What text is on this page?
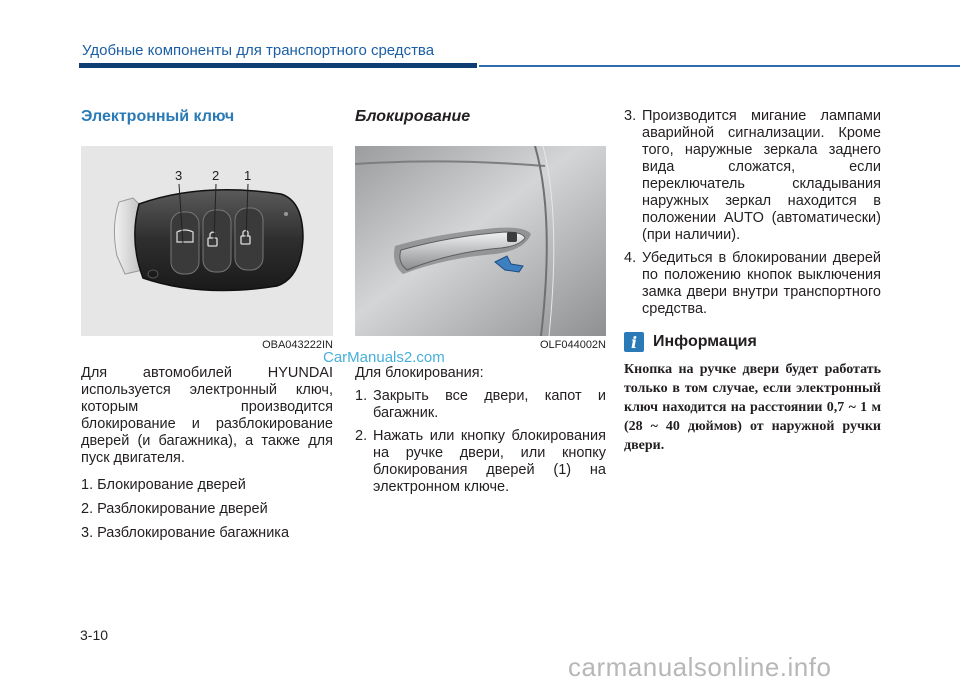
Удобные компоненты для транспортного средства
Электронный ключ
3 2 1
OBA043222IN

Для автомобилей HYUNDAI используется электронный ключ, которым производится блокирование и разблокирование дверей (и багажника), а также для пуск двигателя.

1. Блокирование дверей
2. Разблокирование дверей
3. Разблокирование багажника
Блокирование
OLF044002N

Для блокирования:

1. Закрыть все двери, капот и багажник.
2. Нажать или кнопку блокирования на ручке двери, или кнопку блокирования дверей (1) на электронном ключе.
3. Производится мигание лампами аварийной сигнализации. Кроме того, наружные зеркала заднего вида сложатся, если переключатель складывания наружных зеркал находится в положении AUTO (автоматически) (при наличии).
4. Убедиться в блокировании дверей по положению кнопок выключения замка двери внутри транспортного средства.
i Информация
Кнопка на ручке двери будет работать только в том случае, если электронный ключ находится на расстоянии 0,7 ~ 1 м (28 ~ 40 дюймов) от наружной ручки двери.
3-10
CarManuals2.com
carmanualsonline.info
